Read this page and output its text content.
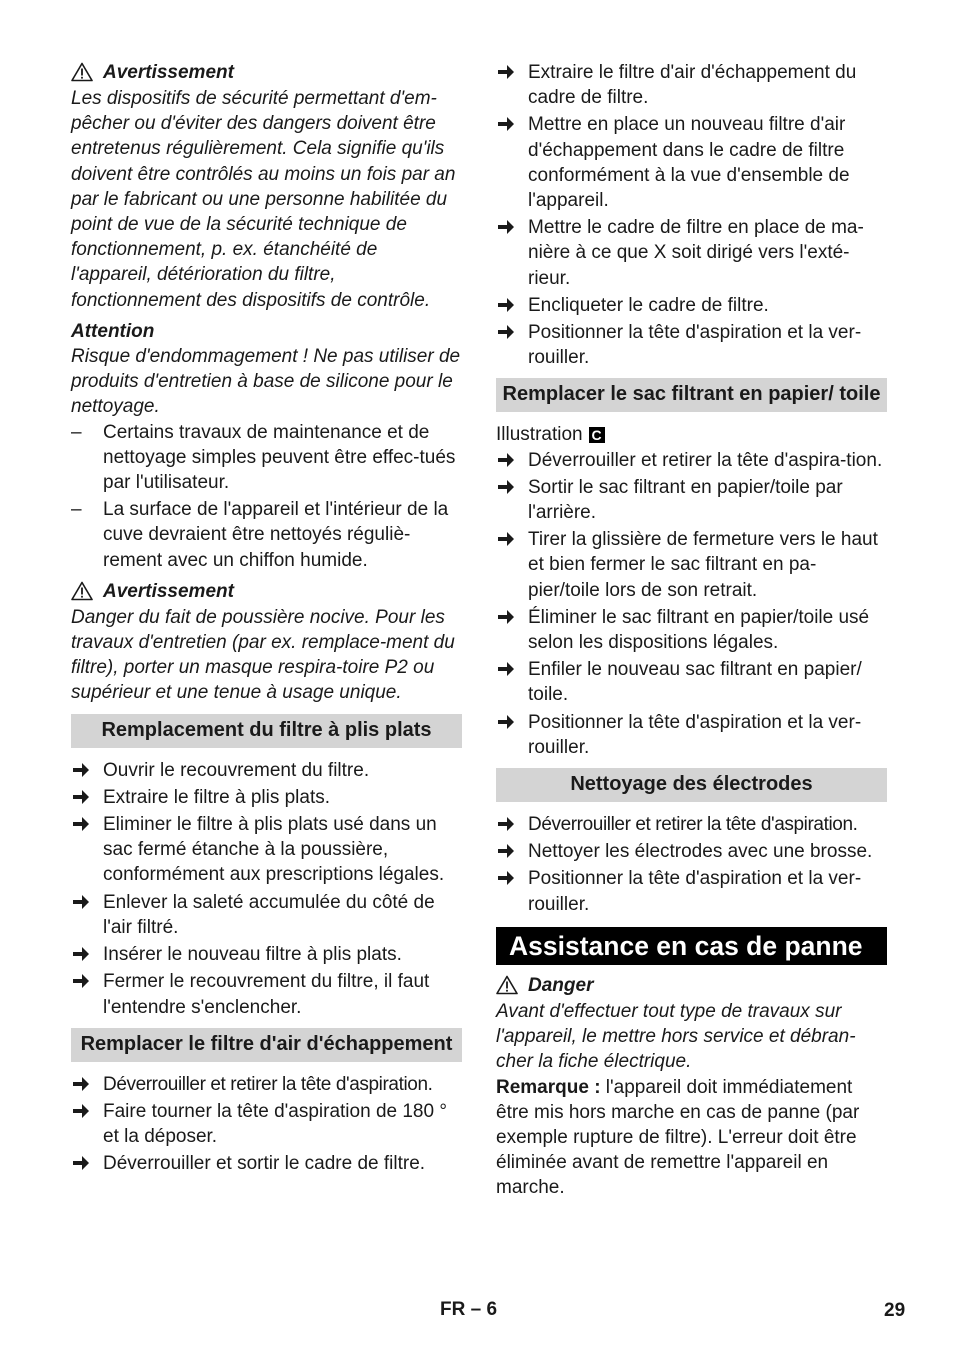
Avertissement

Les dispositifs de sécurité permettant d'em-pêcher ou d'éviter des dangers doivent être entretenus régulièrement. Cela signifie qu'ils doivent être contrôlés au moins un fois par an par le fabricant ou une personne habilitée du point de vue de la sécurité technique de fonctionnement, p. ex. étanchéité de l'appareil, détérioration du filtre, fonctionnement des dispositifs de contrôle.

Attention

Risque d'endommagement ! Ne pas utiliser de produits d'entretien à base de silicone pour le nettoyage.

– Certains travaux de maintenance et de nettoyage simples peuvent être effec-tués par l'utilisateur.
– La surface de l'appareil et l'intérieur de la cuve devraient être nettoyés réguliè-rement avec un chiffon humide.
Avertissement

Danger du fait de poussière nocive. Pour les travaux d'entretien (par ex. remplace-ment du filtre), porter un masque respira-toire P2 ou supérieur et une tenue à usage unique.

Remplacement du filtre à plis plats
Ouvrir le recouvrement du filtre.
Extraire le filtre à plis plats.
Eliminer le filtre à plis plats usé dans un sac fermé étanche à la poussière, conformément aux prescriptions légales.
Enlever la saleté accumulée du côté de l'air filtré.
Insérer le nouveau filtre à plis plats.
Fermer le recouvrement du filtre, il faut l'entendre s'enclencher.
Remplacer le filtre d'air d'échappement
Déverrouiller et retirer la tête d'aspiration.
Faire tourner la tête d'aspiration de 180 ° et la déposer.
Déverrouiller et sortir le cadre de filtre.
Extraire le filtre d'air d'échappement du cadre de filtre.
Mettre en place un nouveau filtre d'air d'échappement dans le cadre de filtre conformément à la vue d'ensemble de l'appareil.
Mettre le cadre de filtre en place de ma-nière à ce que X soit dirigé vers l'exté-rieur.
Encliqueter le cadre de filtre.
Positionner la tête d'aspiration et la ver-rouiller.
Remplacer le sac filtrant en papier/ toile

Illustration C

Déverrouiller et retirer la tête d'aspira-tion.
Sortir le sac filtrant en papier/toile par l'arrière.
Tirer la glissière de fermeture vers le haut et bien fermer le sac filtrant en pa-pier/toile lors de son retrait.
Éliminer le sac filtrant en papier/toile usé selon les dispositions légales.
Enfiler le nouveau sac filtrant en papier/ toile.
Positionner la tête d'aspiration et la ver-rouiller.
Nettoyage des électrodes
Déverrouiller et retirer la tête d'aspiration.
Nettoyer les électrodes avec une brosse.
Positionner la tête d'aspiration et la ver-rouiller.
Assistance en cas de panne
Danger

Avant d'effectuer tout type de travaux sur l'appareil, le mettre hors service et débran-cher la fiche électrique.

Remarque : l'appareil doit immédiatement être mis hors marche en cas de panne (par exemple rupture de filtre). L'erreur doit être éliminée avant de remettre l'appareil en marche.

FR – 6	29
